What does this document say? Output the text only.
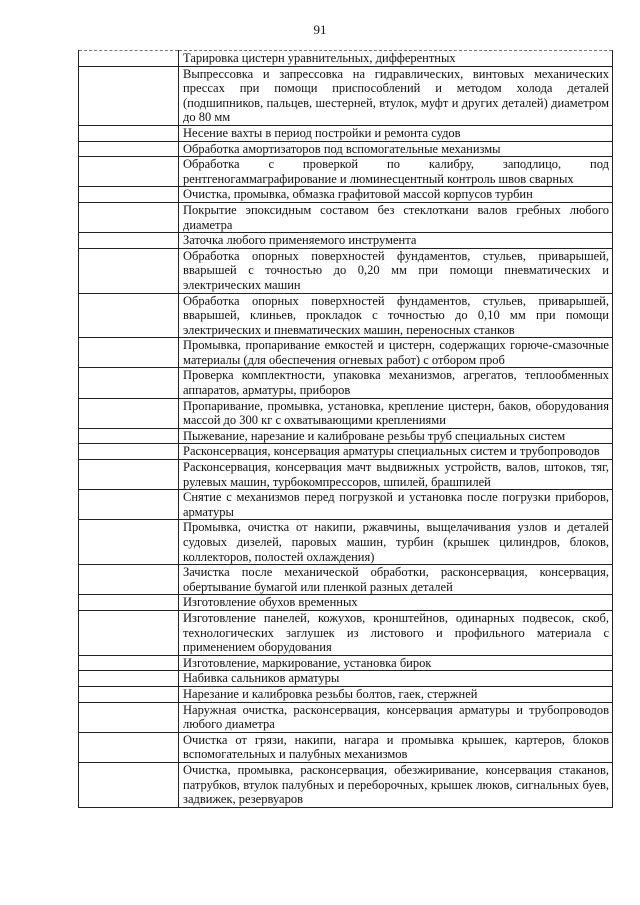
91
	Тарировка цистерн уравнительных, дифферентных
	Выпрессовка и запрессовка на гидравлических, винтовых механических прессах при помощи приспособлений и методом холода деталей (подшипников, пальцев, шестерней, втулок, муфт и других деталей) диаметром до 80 мм
	Несение вахты в период постройки и ремонта судов
	Обработка амортизаторов под вспомогательные механизмы
	Обработка с проверкой по калибру, заподлицо, под рентгеногаммаграфирование и люминесцентный контроль швов сварных
	Очистка, промывка, обмазка графитовой массой корпусов турбин
	Покрытие эпоксидным составом без стеклоткани валов гребных любого диаметра
	Заточка любого применяемого инструмента
	Обработка опорных поверхностей фундаментов, стульев, приварышей, вварышей с точностью до 0,20 мм при помощи пневматических и электрических машин
	Обработка опорных поверхностей фундаментов, стульев, приварышей, вварышей, клиньев, прокладок с точностью до 0,10 мм при помощи электрических и пневматических машин, переносных станков
	Промывка, пропаривание емкостей и цистерн, содержащих горюче-смазочные материалы (для обеспечения огневых работ) с отбором проб
	Проверка комплектности, упаковка механизмов, агрегатов, теплообменных аппаратов, арматуры, приборов
	Пропаривание, промывка, установка, крепление цистерн, баков, оборудования массой до 300 кг с охватывающими креплениями
	Пыжевание, нарезание и калиброване резьбы труб специальных систем
	Расконсервация, консервация арматуры специальных систем и трубопроводов
	Расконсервация, консервация мачт выдвижных устройств, валов, штоков, тяг, рулевых машин, турбокомпрессоров, шпилей, брашпилей
	Снятие с механизмов перед погрузкой и установка после погрузки приборов, арматуры
	Промывка, очистка от накипи, ржавчины, выщелачивания узлов и деталей судовых дизелей, паровых машин, турбин (крышек цилиндров, блоков, коллекторов, полостей охлаждения)
	Зачистка после механической обработки, расконсервация, консервация, обертывание бумагой или пленкой разных деталей
	Изготовление обухов временных
	Изготовление панелей, кожухов, кронштейнов, одинарных подвесок, скоб, технологических заглушек из листового и профильного материала с применением оборудования
	Изготовление, маркирование, установка бирок
	Набивка сальников арматуры
	Нарезание и калибровка резьбы болтов, гаек, стержней
	Наружная очистка, расконсервация, консервация арматуры и трубопроводов любого диаметра
	Очистка от грязи, накипи, нагара и промывка крышек, картеров, блоков вспомогательных и палубных механизмов
	Очистка, промывка, расконсервация, обезжиривание, консервация стаканов, патрубков, втулок палубных и переборочных, крышек люков, сигнальных буев, задвижек, резервуаров
